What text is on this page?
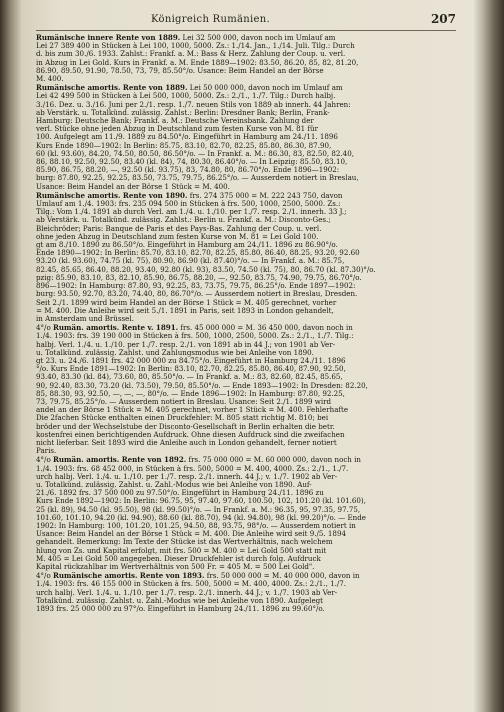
Königreich Rumänien.	207
Rumänische innere Rente von 1889. Lei 32 500 000, davon noch im Umlauf am
Lei 27 389 400 in Stücken à Lei 100, 1000, 5000. Zs.: 1./14. Jan., 1./14. Juli. Tilg.: Durch
d. bis zum 30./6. 1933. Zahlst.: Frankf. a. M.: Bass & Herz. Zahlung der Coup. u. verl.
in Abzug in Lei Gold. Kurs in Frankf. a. M. Ende 1889—1902: 83.50, 86.20, 85, 82, 81.20,
86.90, 89.50, 91.90, 78.50, 73, 79, 85.50°/o. Usance: Beim Handel an der Börse
M. 400.
Rumänische amortis. Rente von 1889. Lei 50 000 000, davon noch im Umlauf am
Lei 42 499 500 in Stücken à Lei 500, 1000, 5000. Zs.: 2./1., 1./7. Tilg.: Durch halbj.
3./16. Dez. u. 3./16. Juni per 2./1. resp. 1./7. neuen Stils von 1889 ab innerh. 44 Jahren:
ab Verstärk. u. Totalkünd. zulässig. Zahlst.: Berlin: Dresdner Bank; Berlin, Frank-
Hamburg: Deutsche Bank; Frankf. a. M.: Deutsche Vereinsbank. Zahlung der
verl. Stücke ohne jeden Abzug in Deutschland zum festen Kurse von M. 81 für
100. Aufgelegt am 11./9. 1889 zu 84.50°/o. Eingeführt in Hamburg am 24./11. 1896
Kurs Ende 1890—1902: In Berlin: 85.75, 83.10, 82.70, 82.25, 85.80, 86.30, 87.90,
60 (kl. 93.60), 84.20, 74.50, 80.50, 86.50°/o. — In Frankf. a. M.: 86.30, 83, 82.50, 82.40,
86, 88.10, 92.50, 92.50, 83.40 (kl. 84), 74, 80.30, 86.40°/o. — In Leipzig: 85.50, 83.10,
85.90, 86.75, 88.20, —, 92.50 (kl. 93.75), 83, 74.80, 80, 86.70°/o. Ende 1896—1902:
burg: 87.80, 92.25, 92.25, 83.50, 73.75, 79.75, 86.25°/o. — Ausserdem notiert in Breslau,
Usance: Beim Handel an der Börse 1 Stück = M. 400.
Rumänische amortis. Rente von 1890. frs. 274 375 000 = M. 222 243 750, davon
Umlauf am 1./4. 1903: frs. 235 094 500 in Stücken à frs. 500, 1000, 2500, 5000. Zs.:
Tilg.: Vom 1./4. 1891 ab durch Verl. am 1./4. u. 1./10. per 1./7. resp. 2./1. innerh. 33 J.;
ab Verstärk. u. Totalkünd. zulässig. Zahlst.: Berlin u. Frankf. a. M.: Disconto-Ges.;
Bleichröder; Paris: Banque de Paris et des Pays-Bas. Zahlung der Coup. u. verl.
ohne jeden Abzug in Deutschland zum festen Kurse von M. 81 = Lei Gold 100.
gt am 8./10. 1890 zu 86.50°/o. Eingeführt in Hamburg am 24./11. 1896 zu 86.90°/o.
Ende 1890—1902: In Berlin: 85.70, 83.10, 82.70, 82.25, 85.80, 86.40, 88.25, 93.20, 92.60
93.20 (kl. 93.60), 74.75 (kl. 75), 80.90, 86.90 (kl. 87.40)°/o. — In Frankf. a. M.: 85.75,
82.45, 85.65, 86.40, 88.20, 93.40, 92.80 (kl. 93), 83.50, 74.50 (kl. 75), 80, 86.70 (kl. 87.30)°/o.
pzig: 85.90, 83.10, 83, 82.10, 85.90, 86.75, 88.20, —, 92.50, 83.75, 74.90, 79.75, 86.70°/o.
896—1902: In Hamburg: 87.80, 93, 92.25, 83, 73.75, 79.75, 86.25°/o. Ende 1897—1902:
burg: 93.50, 92.70, 83.20, 74.40, 80, 86.70°/o. — Ausserdem notiert in Breslau, Dresden.
Seit 2./1. 1899 wird beim Handel an der Börse 1 Stück = M. 405 gerechnet, vorher
= M. 400. Die Anleihe wird seit 5./1. 1891 in Paris, seit 1893 in London gehandelt,
in Amsterdam und Brüssel.
4°/o Rumän. amortis. Rente v. 1891. frs. 45 000 000 = M. 36 450 000, davon noch in
1./4. 1903: frs. 39 190 000 in Stücken à frs. 500, 1000, 2500, 5000. Zs.: 2./1., 1./7. Tilg.:
halbj. Verl. 1./4. u. 1./10. per 1./7. resp. 2./1. von 1891 ab in 44 J.; von 1901 ab Ver-
u. Totalkünd. zulässig. Zahlst. und Zahlungsmodus wie bei Anleihe von 1890.
gt 23. u. 24./6. 1891 frs. 42 000 000 zu 84.75°/o. Eingeführt in Hamburg 24./11. 1896
°/o. Kurs Ende 1891—1902: In Berlin: 83.10, 82.70, 82.25, 85.80, 86.40, 87.90, 92.50,
93.40, 83.30 (kl. 84), 73.60, 80, 85.50°/o. — In Frankf. a. M.: 83, 82.60, 82.45, 85.65,
90, 92.40, 83.30, 73.20 (kl. 73.50), 79.50, 85.50°/o. — Ende 1893—1902: In Dresden: 82.20,
85, 88.30, 93, 92.50, —, —, —, 80°/o. — Ende 1896—1902: In Hamburg: 87.80, 92.25,
73, 79.75, 85.25°/o. — Ausserdem notiert in Breslau. Usance: Seit 2./1. 1899 wird
andel an der Börse 1 Stück = M. 405 gerechnet, vorher 1 Stück = M. 400. Fehlerhafte
Die 2fachen Stücke enthalten einen Druckfehler: M. 805 statt richtig M. 810; bei
bröder und der Wechselstube der Disconto-Gesellschaft in Berlin erhalten die betr.
kostenfrei einen berichtigenden Aufdruck. Ohne diesen Aufdruck sind die zweifachen
nicht lieferbar. Seit 1893 wird die Anleihe auch in London gehandelt, ferner notiert
Paris.
4°/o Rumän. amortis. Rente von 1892. frs. 75 000 000 = M. 60 000 000, davon noch in
1./4. 1903: frs. 68 452 000, in Stücken à frs. 500, 5000 = M. 400, 4000. Zs.: 2./1., 1./7.
urch halbj. Verl. 1./4. u. 1./10. per 1./7. resp. 2./1. innerh. 44 J.; v. 1./7. 1902 ab Ver-
u. Totalkünd. zulässig. Zahlst. u. Zahl.-Modus wie bei Anleihe von 1890. Auf-
21./6. 1892 frs. 37 500 000 zu 97.50°/o. Eingeführt in Hamburg 24./11. 1896 zu
Kurs Ende 1892—1902: In Berlin: 96.75, 95, 97.40, 97.60, 100.50, 102, 101.20 (kl. 101.60),
25 (kl. 89), 94.50 (kl. 95.50), 98 (kl. 99.50)°/o. — In Frankf. a. M.: 96.35, 95, 97.35, 97.75,
101.60, 101.10, 94.20 (kl. 94.90), 88.60 (kl. 88.70), 94 (kl. 94.80), 98 (kl. 99.20)°/o. — Ende
1902: In Hamburg: 100, 101.20, 101.25, 94.50, 88, 93.75, 98°/o. — Ausserdem notiert in
Usance: Beim Handel an der Börse 1 Stück = M. 400. Die Anleihe wird seit 9./5. 1894
gehandelt. Bemerkung: Im Texte der Stücke ist das Wertverhältnis, nach welchem
hlung von Zs. und Kapital erfolgt, mit frs. 500 = M. 400 = Lei Gold 500 statt mit
M. 405 = Lei Gold 500 angegeben. Dieser Druckfehler ist durch folg. Aufdruck
Kapital rückzahlbar im Wertverhältnis von 500 Fr. = 405 M. = 500 Lei Gold".
4°/o Rumänische amortis. Rente von 1893. frs. 50 000 000 = M. 40 000 000, davon in
1./4. 1903: frs. 46 155 000 in Stücken à frs. 500, 5000 = M. 400, 4000. Zs.: 2./1., 1./7.
urch halbj. Verl. 1./4. u. 1./10. per 1./7. resp. 2./1. innerh. 44 J.; v. 1./7. 1903 ab Ver-
Totalkünd. zulässig. Zahlst. u. Zahl.-Modus wie bei Anleihe von 1890. Aufgelegt
1893 frs. 25 000 000 zu 97°/o. Eingeführt in Hamburg 24./11. 1896 zu 99.60°/o.
